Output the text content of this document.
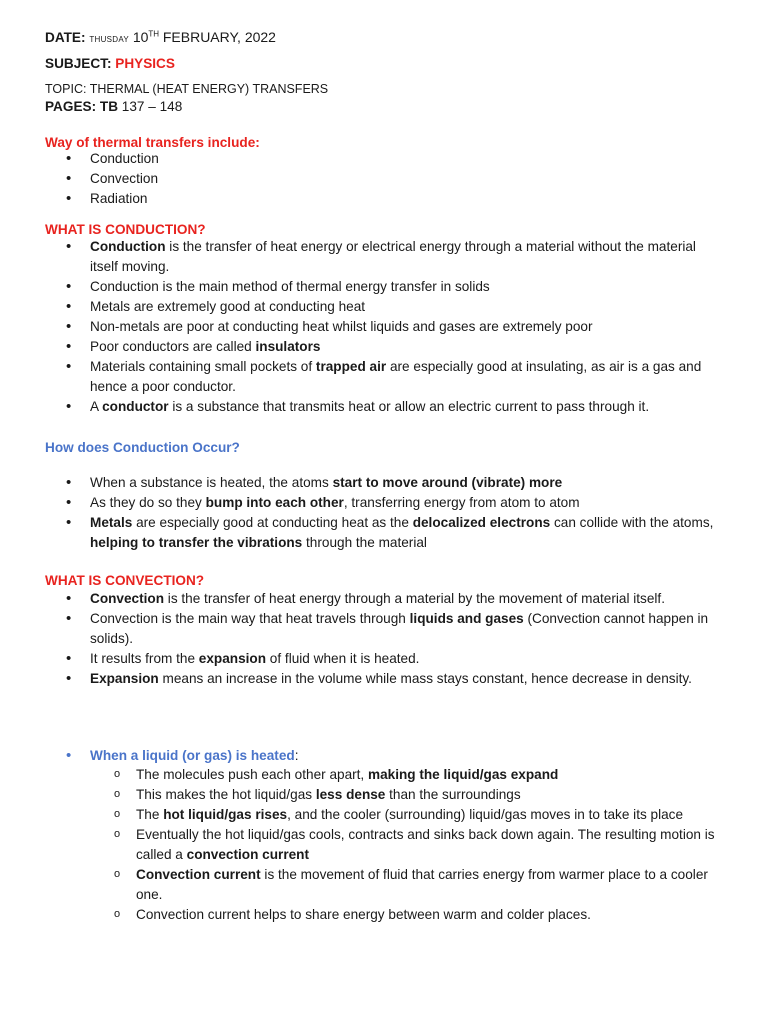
DATE: THUSDAY 10TH FEBRUARY, 2022
SUBJECT: PHYSICS
TOPIC: THERMAL (HEAT ENERGY) TRANSFERS
PAGES: TB 137 – 148
Way of thermal transfers include:
• Conduction
• Convection
• Radiation
WHAT IS CONDUCTION?
• Conduction is the transfer of heat energy or electrical energy through a material without the material itself moving.
• Conduction is the main method of thermal energy transfer in solids
• Metals are extremely good at conducting heat
• Non-metals are poor at conducting heat whilst liquids and gases are extremely poor
• Poor conductors are called insulators
• Materials containing small pockets of trapped air are especially good at insulating, as air is a gas and hence a poor conductor.
• A conductor is a substance that transmits heat or allow an electric current to pass through it.
How does Conduction Occur?
• When a substance is heated, the atoms start to move around (vibrate) more
• As they do so they bump into each other, transferring energy from atom to atom
• Metals are especially good at conducting heat as the delocalized electrons can collide with the atoms, helping to transfer the vibrations through the material
WHAT IS CONVECTION?
• Convection is the transfer of heat energy through a material by the movement of material itself.
• Convection is the main way that heat travels through liquids and gases (Convection cannot happen in solids).
• It results from the expansion of fluid when it is heated.
• Expansion means an increase in the volume while mass stays constant, hence decrease in density.
• When a liquid (or gas) is heated:
o The molecules push each other apart, making the liquid/gas expand
o This makes the hot liquid/gas less dense than the surroundings
o The hot liquid/gas rises, and the cooler (surrounding) liquid/gas moves in to take its place
o Eventually the hot liquid/gas cools, contracts and sinks back down again. The resulting motion is called a convection current
o Convection current is the movement of fluid that carries energy from warmer place to a cooler one.
o Convection current helps to share energy between warm and colder places.
